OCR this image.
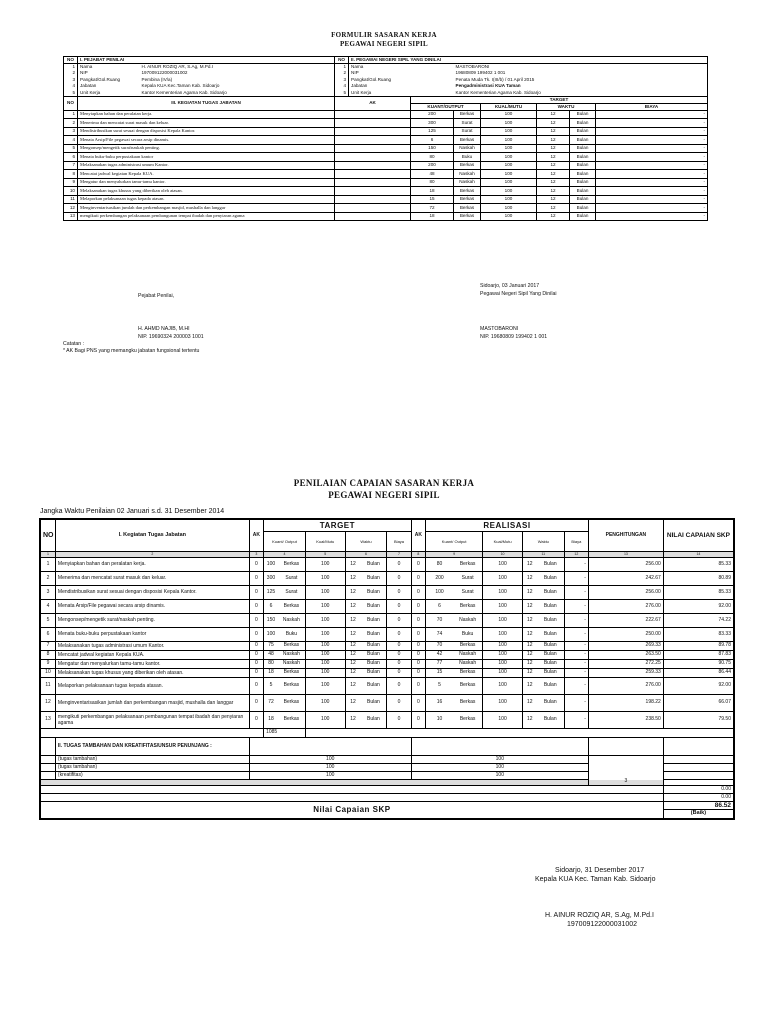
FORMULIR SASARAN KERJA
PEGAWAI NEGERI SIPIL
NO	I. PEJABAT PENILAI		NO	II. PEGAWAI NEGERI SIPIL YANG DINILAI						
1	Nama	H. AINUR ROZIQ AR, S.Ag, M.Pd.I	1	Nama		MASTOBARONI				
2	NIP	197009122000031002	2	NIP		19680809 199402 1 001				
3	Pangkat/Gol.Ruang	Pembina (IV/a)	3	Pangkat/Gol.Ruang		Penata Muda Tk. I(III/b) / 01 April 2015				
4	Jabatan	Kepala KUA Kec.Taman Kab. Sidoarjo	4	Jabatan		Pengadministrasi KUA Taman				
5	Unit Kerja	Kantor Kementerian Agama Kab. Sidoarjo	5	Unit Kerja		Kantor Kementerian Agama Kab. Sidoarjo				
NO	III. KEGIATAN TUGAS JABATAN		AK		TARGET					
					KUANT/OUTPUT		KUAL/MUTU	WAKTU		BIAYA
1	Menyiapkan bahan dan peralatan kerja.				200	Berkas	100	12	Bulan	-
2	Menerima dan mencatat surat masuk dan keluar.				300	Surat	100	12	Bulan	-
3	Mendistribusikan surat sesuai dengan disposisi Kepala Kantor.				125	Surat	100	12	Bulan	-
4	Menata Arsip/File pegawai secara arsip dinamis.				6	Berkas	100	12	Bulan	-
5	Mengonsep/mengetik surat/naskah penting.				150	Naskah	100	12	Bulan	-
6	Menata buku-buku perpustakaan kantor				80	Buku	100	12	Bulan	-
7	Melaksanakan tugas administrasi umum Kantor.				200	Berkas	100	12	Bulan	-
8	Mencatat jadwal kegiatan Kepala KUA.				48	Naskah	100	12	Bulan	-
9	Mengatur dan menyalurkan tamu-tamu kantor.				80	Naskah	100	12	Bulan	-
10	Melaksanakan tugas khusus yang diberikan oleh atasan.				18	Berkas	100	12	Bulan	-
11	Melaporkan pelaksanaan tugas kepada atasan.				15	Berkas	100	12	Bulan	-
12	Menginventarisasikan jumlah dan perkembangan masjid, mushalla dan langgar				72	Berkas	100	12	Bulan	-
13	mengikuti perkembangan pelaksanaan pembangunan tempat ibadah dan penyiaran agama				18	Berkas	100	12	Bulan	-
Sidoarjo, 03 Januari 2017
Pejabat Penilai,	Pegawai Negeri Sipil Yang Dinilai
H. AHMD NAJIB, M.HI
NIP. 19690324 200003 1001
MASTOBARONI
NIP. 19680809 199402 1 001
Catatan :
* AK Bagi PNS yang memangku jabatan fungsional tertentu
PENILAIAN CAPAIAN SASARAN KERJA
PEGAWAI NEGERI SIPIL
Jangka Waktu Penilaian 02 Januari s.d. 31 Desember 2014
NO	I. Kegiatan Tugas Jabatan	AK	TARGET						AK	REALISASI						PENGHITUNGAN	NILAI CAPAIAN SKP
			Kuant/ Output		Kual/Mutu	Waktu		Biaya		Kuant/ Output		Kual/Mutu	Waktu		Biaya		
1	2	3	4		5	6		7	8	9		10	11		12	13	14
1	Menyiapkan bahan dan peralatan kerja.	0	100	Berkas	100	12	Bulan	0	0	80	Berkas	100	12	Bulan	-	256.00	85.33
2	Menerima dan mencatat surat masuk dan keluar.	0	300	Surat	100	12	Bulan	0	0	200	Surat	100	12	Bulan	-	242.67	80.89
3	Mendistribusikan surat sesuai dengan disposisi Kepala Kantor.	0	125	Surat	100	12	Bulan	0	0	100	Surat	100	12	Bulan	-	256.00	85.33
4	Menata Arsip/File pegawai secara arsip dinamis.	0	6	Berkas	100	12	Bulan	0	0	6	Berkas	100	12	Bulan	-	276.00	92.00
5	Mengonsep/mengetik surat/naskah penting.	0	150	Naskah	100	12	Bulan	0	0	70	Naskah	100	12	Bulan	-	222.67	74.22
6	Menata buku-buku perpustakaan kantor	0	100	Buku	100	12	Bulan	0	0	74	Buku	100	12	Bulan	-	250.00	83.33
7	Melaksanakan tugas administrasi umum Kantor.	0	75	Berkas	100	12	Bulan	0	0	70	Berkas	100	12	Bulan	-	269.33	89.78
8	Mencatat jadwal kegiatan Kepala KUA.	0	48	Naskah	100	12	Bulan	0	0	42	Naskah	100	12	Bulan	-	263.50	87.83
9	Mengatur dan menyalurkan tamu-tamu kantor.	0	80	Naskah	100	12	Bulan	0	0	77	Naskah	100	12	Bulan	-	272.25	90.75
10	Melaksanakan tugas khusus yang diberikan oleh atasan.	0	18	Berkas	100	12	Bulan	0	0	15	Berkas	100	12	Bulan	-	259.33	86.44
11	Melaporkan pelaksanaan tugas kepada atasan.	0	5	Berkas	100	12	Bulan	0	0	5	Berkas	100	12	Bulan	-	276.00	92.00
12	Menginventarisasikan jumlah dan perkembangan masjid, mushalla dan langgar	0	72	Berkas	100	12	Bulan	0	0	16	Berkas	100	12	Bulan	-	198.22	66.07
13	mengikuti perkembangan pelaksanaan pembangunan tempat ibadah dan penyiaran agama	0	18	Berkas	100	12	Bulan	0	0	10	Berkas	100	12	Bulan	-	238.50	79.50
			1085														
	II. TUGAS TAMBAHAN DAN KREATIFITAS/UNSUR PENUNJANG :																
	(tugas tambahan)	100							100							3	
	(tugas tambahan)	100							100								
	(kreatifitas)	100							100								

																	0.00
																	0.00
Nilai Capaian SKP																	86.52
(Baik)
Sidoarjo, 31 Desember 2017
Kepala KUA Kec. Taman Kab. Sidoarjo
H. AINUR ROZIQ AR, S.Ag, M.Pd.I
197009122000031002
